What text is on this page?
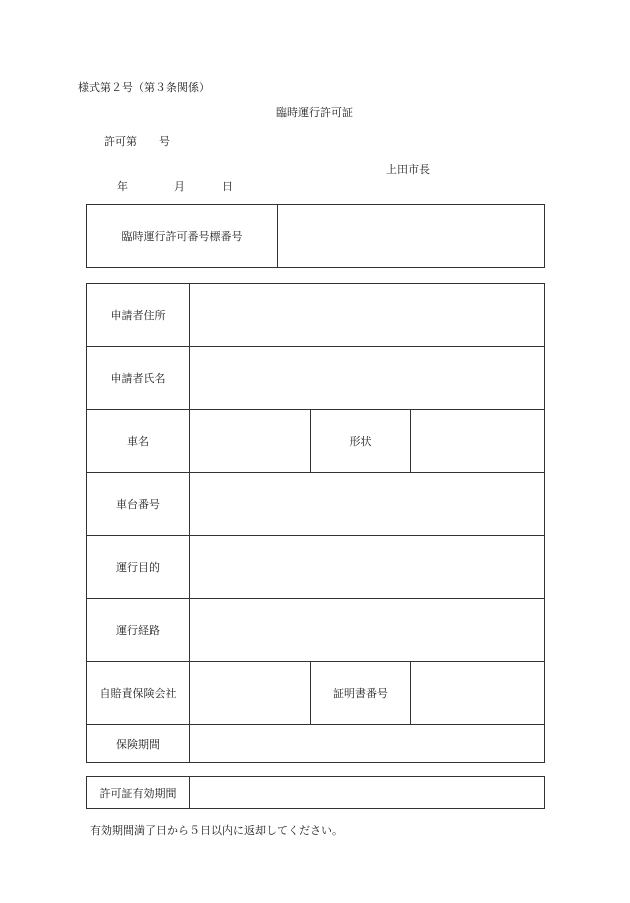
様式第２号（第３条関係）
臨時運行許可証
許可第　　号
上田市長
年	月	日
臨時運行許可番号標番号	
申請者住所			
申請者氏名			
車名		形状	
車台番号			
運行目的			
運行経路			
自賠責保険会社		証明書番号	
保険期間			
許可証有効期間	
有効期間満了日から５日以内に返却してください。
